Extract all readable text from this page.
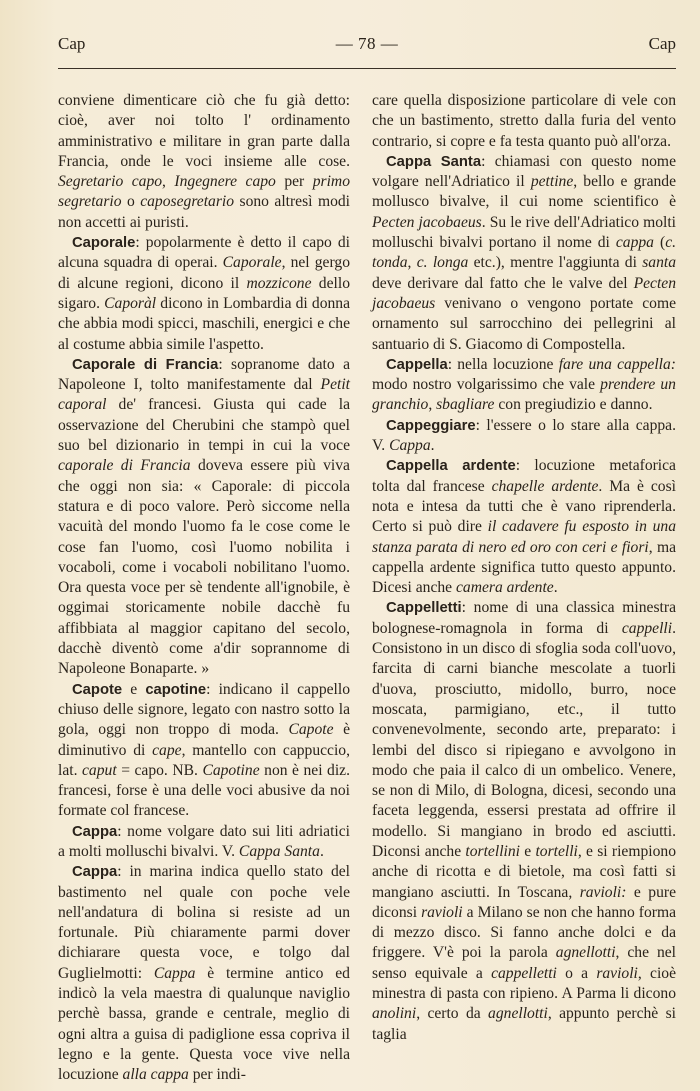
Cap	— 78 —	Cap

conviene dimenticare ciò che fu già detto: cioè, aver noi tolto l' ordinamento amministrativo e militare in gran parte dalla Francia, onde le voci insieme alle cose. Segretario capo, Ingegnere capo per primo segretario o caposegretario sono altresì modi non accetti ai puristi.

Caporale: popolarmente è detto il capo di alcuna squadra di operai. Caporale, nel gergo di alcune regioni, dicono il mozzicone dello sigaro. Caporàl dicono in Lombardia di donna che abbia modi spicci, maschili, energici e che al costume abbia simile l'aspetto.

Caporale di Francia: sopranome dato a Napoleone I, tolto manifestamente dal Petit caporal de' francesi. Giusta qui cade la osservazione del Cherubini che stampò quel suo bel dizionario in tempi in cui la voce caporale di Francia doveva essere più viva che oggi non sia: « Caporale: di piccola statura e di poco valore. Però siccome nella vacuità del mondo l'uomo fa le cose come le cose fan l'uomo, così l'uomo nobilita i vocaboli, come i vocaboli nobilitano l'uomo. Ora questa voce per sè tendente all'ignobile, è oggimai storicamente nobile dacchè fu affibbiata al maggior capitano del secolo, dacchè diventò come a'dir soprannome di Napoleone Bonaparte. »

Capote e capotine: indicano il cappello chiuso delle signore, legato con nastro sotto la gola, oggi non troppo di moda. Capote è diminutivo di cape, mantello con cappuccio, lat. caput = capo. NB. Capotine non è nei diz. francesi, forse è una delle voci abusive da noi formate col francese.

Cappa: nome volgare dato sui liti adriatici a molti molluschi bivalvi. V. Cappa Santa.

Cappa: in marina indica quello stato del bastimento nel quale con poche vele nell'andatura di bolina si resiste ad un fortunale. Più chiaramente parmi dover dichiarare questa voce, e tolgo dal Guglielmotti: Cappa è termine antico ed indicò la vela maestra di qualunque naviglio perchè bassa, grande e centrale, meglio di ogni altra a guisa di padiglione essa copriva il legno e la gente. Questa voce vive nella locuzione alla cappa per indi-

care quella disposizione particolare di vele con che un bastimento, stretto dalla furia del vento contrario, si copre e fa testa quanto può all'orza.

Cappa Santa: chiamasi con questo nome volgare nell'Adriatico il pettine, bello e grande mollusco bivalve, il cui nome scientifico è Pecten jacobaeus. Su le rive dell'Adriatico molti molluschi bivalvi portano il nome di cappa (c. tonda, c. longa etc.), mentre l'aggiunta di santa deve derivare dal fatto che le valve del Pecten jacobaeus venivano o vengono portate come ornamento sul sarrocchino dei pellegrini al santuario di S. Giacomo di Compostella.

Cappella: nella locuzione fare una cappella: modo nostro volgarissimo che vale prendere un granchio, sbagliare con pregiudizio e danno.

Cappeggiare: l'essere o lo stare alla cappa. V. Cappa.

Cappella ardente: locuzione metaforica tolta dal francese chapelle ardente. Ma è così nota e intesa da tutti che è vano riprenderla. Certo si può dire il cadavere fu esposto in una stanza parata di nero ed oro con ceri e fiori, ma cappella ardente significa tutto questo appunto. Dicesi anche camera ardente.

Cappelletti: nome di una classica minestra bolognese-romagnola in forma di cappelli. Consistono in un disco di sfoglia soda coll'uovo, farcita di carni bianche mescolate a tuorli d'uova, prosciutto, midollo, burro, noce moscata, parmigiano, etc., il tutto convenevolmente, secondo arte, preparato: i lembi del disco si ripiegano e avvolgono in modo che paia il calco di un ombelico. Venere, se non di Milo, di Bologna, dicesi, secondo una faceta leggenda, essersi prestata ad offrire il modello. Si mangiano in brodo ed asciutti. Diconsi anche tortellini e tortelli, e si riempiono anche di ricotta e di bietole, ma così fatti si mangiano asciutti. In Toscana, ravioli: e pure diconsi ravioli a Milano se non che hanno forma di mezzo disco. Si fanno anche dolci e da friggere. V'è poi la parola agnellotti, che nel senso equivale a cappelletti o a ravioli, cioè minestra di pasta con ripieno. A Parma li dicono anolini, certo da agnellotti, appunto perchè si taglia
